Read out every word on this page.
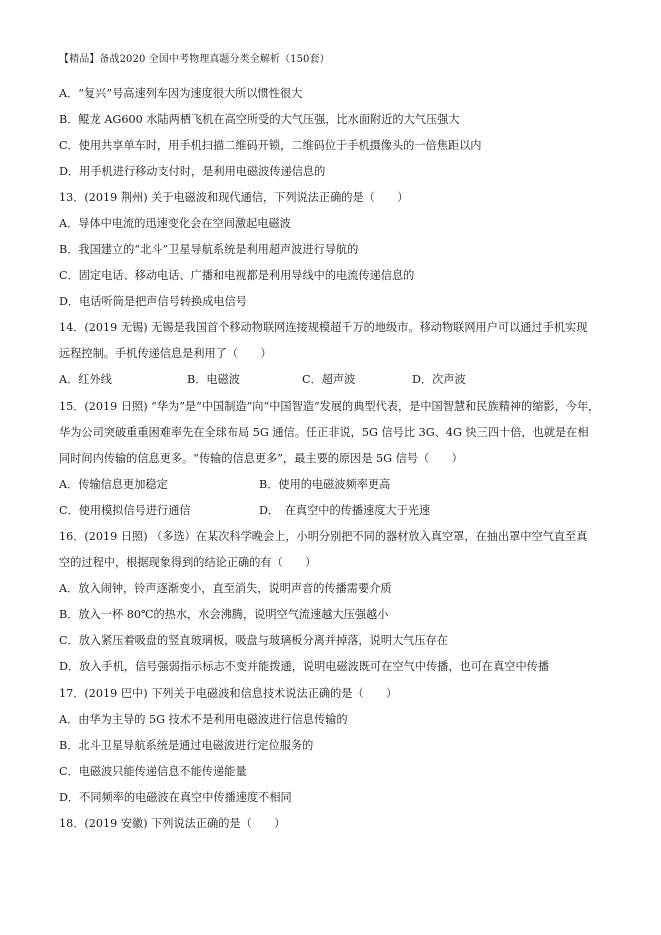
【精品】备战2020 全国中考物理真题分类全解析（150套）
A．“复兴”号高速列车因为速度很大所以惯性很大
B．鲲龙 AG600 水陆两栖飞机在高空所受的大气压强，比水面附近的大气压强大
C．使用共享单车时，用手机扫描二维码开锁，二维码位于手机摄像头的一倍焦距以内
D．用手机进行移动支付时，是利用电磁波传递信息的
13．(2019 荆州) 关于电磁波和现代通信，下列说法正确的是（　　）
A．导体中电流的迅速变化会在空间激起电磁波
B．我国建立的“北斗”卫星导航系统是利用超声波进行导航的
C．固定电话、移动电话、广播和电视都是利用导线中的电流传递信息的
D．电话听筒是把声信号转换成电信号
14．(2019 无锡) 无锡是我国首个移动物联网连接规模超千万的地级市。移动物联网用户可以通过手机实现
远程控制。手机传递信息是利用了（　　）
A．红外线	B．电磁波	C．超声波	D．次声波
15．(2019 日照) “华为”是“中国制造”向“中国智造”发展的典型代表，是中国智慧和民族精神的缩影，今年，
华为公司突破重重困难率先在全球布局 5G 通信。任正非说，5G 信号比 3G、4G 快三四十倍，也就是在相
同时间内传输的信息更多。“传输的信息更多”，最主要的原因是 5G 信号（　　）
A．传输信息更加稳定	B．使用的电磁波频率更高
C．使用模拟信号进行通信	D．　在真空中的传播速度大于光速
16．(2019 日照) （多选）在某次科学晚会上，小明分别把不同的器材放入真空罩，在抽出罩中空气直至真
空的过程中，根据现象得到的结论正确的有（　　）
A．放入闹钟，铃声逐渐变小，直至消失，说明声音的传播需要介质
B．放入一杯 80℃的热水，水会沸腾，说明空气流速越大压强越小
C．放入紧压着吸盘的竖直玻璃板，吸盘与玻璃板分离并掉落，说明大气压存在
D．放入手机，信号强弱指示标志不变并能拨通，说明电磁波既可在空气中传播，也可在真空中传播
17．(2019 巴中) 下列关于电磁波和信息技术说法正确的是（　　）
A．由华为主导的 5G 技术不是利用电磁波进行信息传输的
B．北斗卫星导航系统是通过电磁波进行定位服务的
C．电磁波只能传递信息不能传递能量
D．不同频率的电磁波在真空中传播速度不相同
18．(2019 安徽) 下列说法正确的是（　　）
